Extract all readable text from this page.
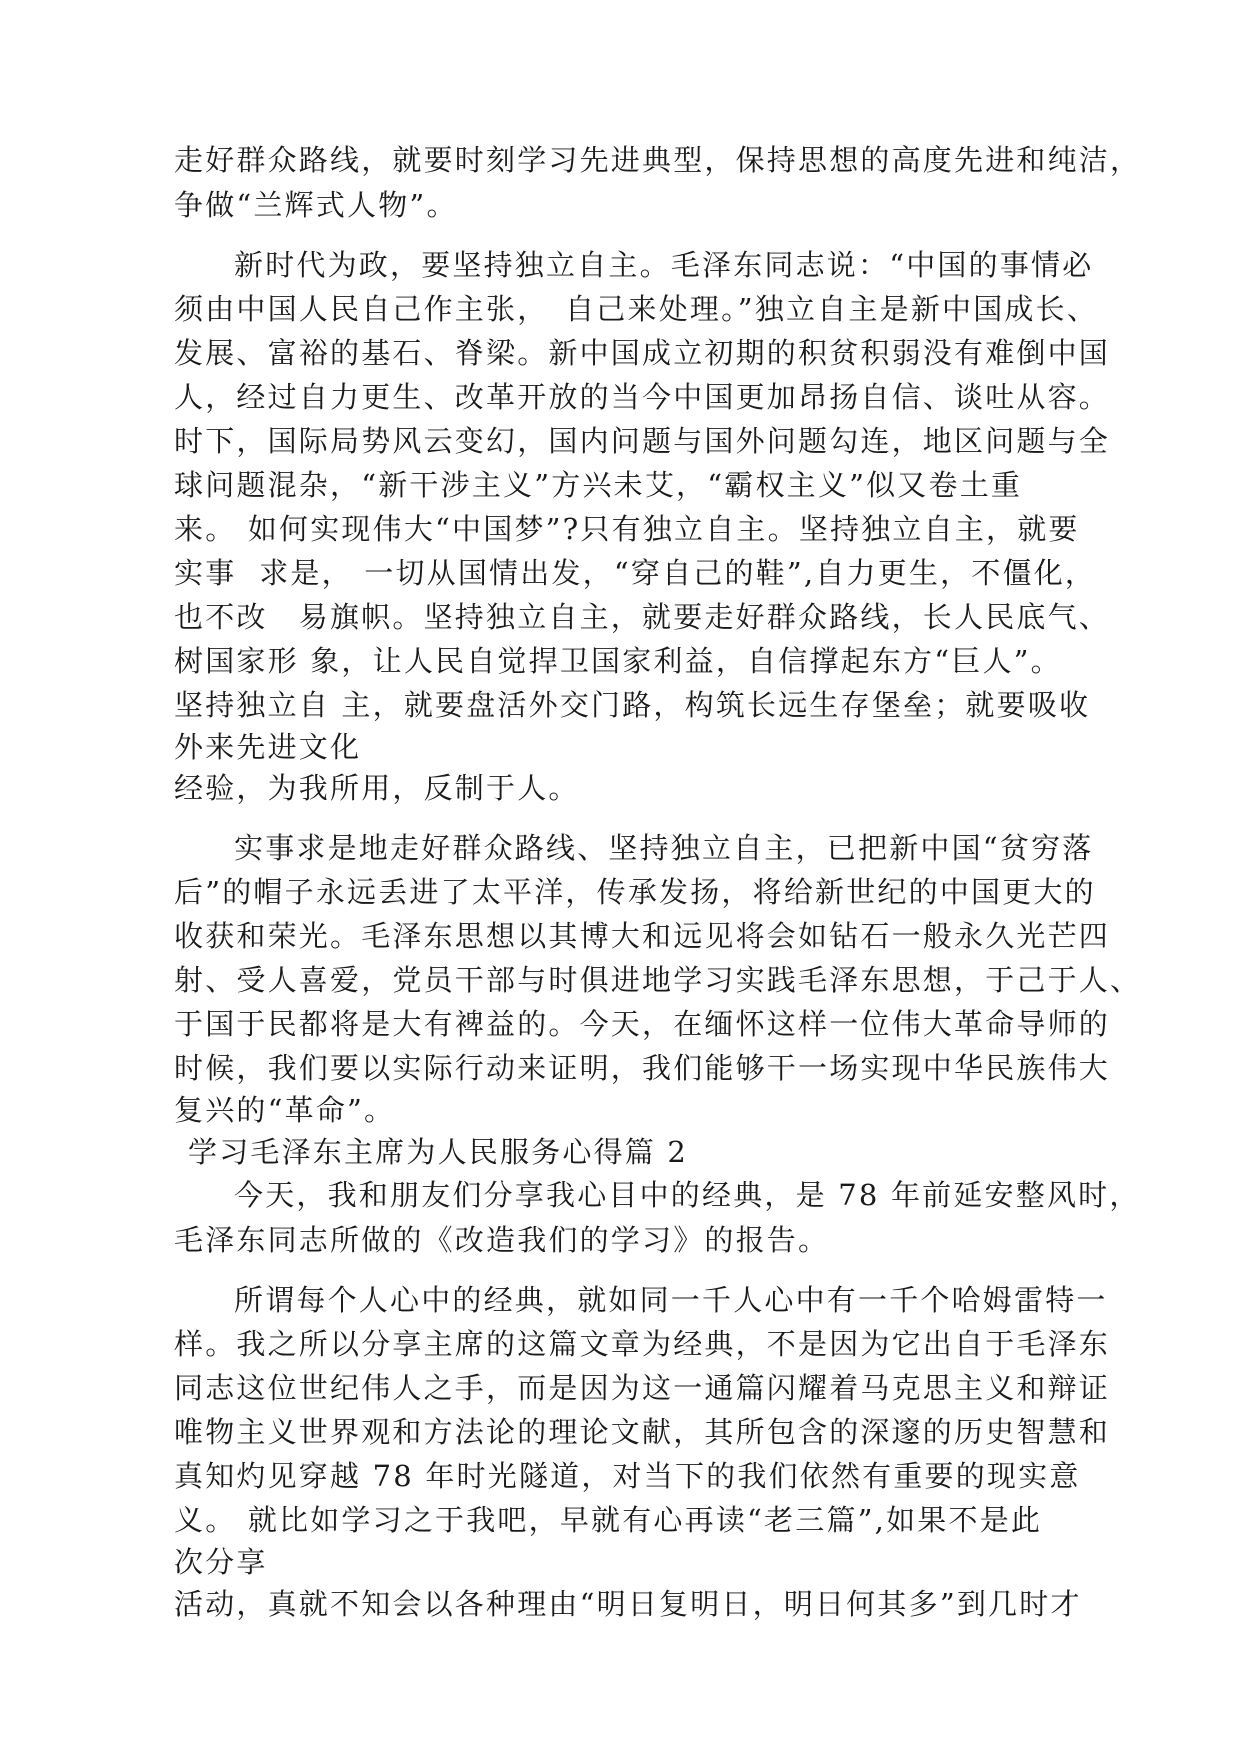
走好群众路线，就要时刻学习先进典型，保持思想的高度先进和纯洁，
争做“兰辉式人物”。
新时代为政，要坚持独立自主。毛泽东同志说：“中国的事情必
须由中国人民自己作主张，　自己来处理。”独立自主是新中国成长、
发展、富裕的基石、脊梁。新中国成立初期的积贫积弱没有难倒中国
人，经过自力更生、改革开放的当今中国更加昂扬自信、谈吐从容。
时下，国际局势风云变幻，国内问题与国外问题勾连，地区问题与全
球问题混杂，“新干涉主义”方兴未艾，“霸权主义”似又卷土重
来。 如何实现伟大“中国梦”?只有独立自主。坚持独立自主，就要
实事  求是， 一切从国情出发，“穿自己的鞋”,自力更生，不僵化，
也不改　易旗帜。坚持独立自主，就要走好群众路线，长人民底气、
树国家形 象，让人民自觉捍卫国家利益，自信撑起东方“巨人”。
坚持独立自 主，就要盘活外交门路，构筑长远生存堡垒；就要吸收
外来先进文化
经验，为我所用，反制于人。
实事求是地走好群众路线、坚持独立自主，已把新中国“贫穷落
后”的帽子永远丢进了太平洋，传承发扬，将给新世纪的中国更大的
收获和荣光。毛泽东思想以其博大和远见将会如钻石一般永久光芒四
射、受人喜爱，党员干部与时俱进地学习实践毛泽东思想，于己于人、
于国于民都将是大有裨益的。今天，在缅怀这样一位伟大革命导师的
时候，我们要以实际行动来证明，我们能够干一场实现中华民族伟大
复兴的“革命”。
学习毛泽东主席为人民服务心得篇 2
今天，我和朋友们分享我心目中的经典，是 78 年前延安整风时，
毛泽东同志所做的《改造我们的学习》的报告。
所谓每个人心中的经典，就如同一千人心中有一千个哈姆雷特一
样。我之所以分享主席的这篇文章为经典，不是因为它出自于毛泽东
同志这位世纪伟人之手，而是因为这一通篇闪耀着马克思主义和辩证
唯物主义世界观和方法论的理论文献，其所包含的深邃的历史智慧和
真知灼见穿越 78 年时光隧道，对当下的我们依然有重要的现实意
义。 就比如学习之于我吧，早就有心再读“老三篇”,如果不是此
次分享
活动，真就不知会以各种理由“明日复明日，明日何其多”到几时才
